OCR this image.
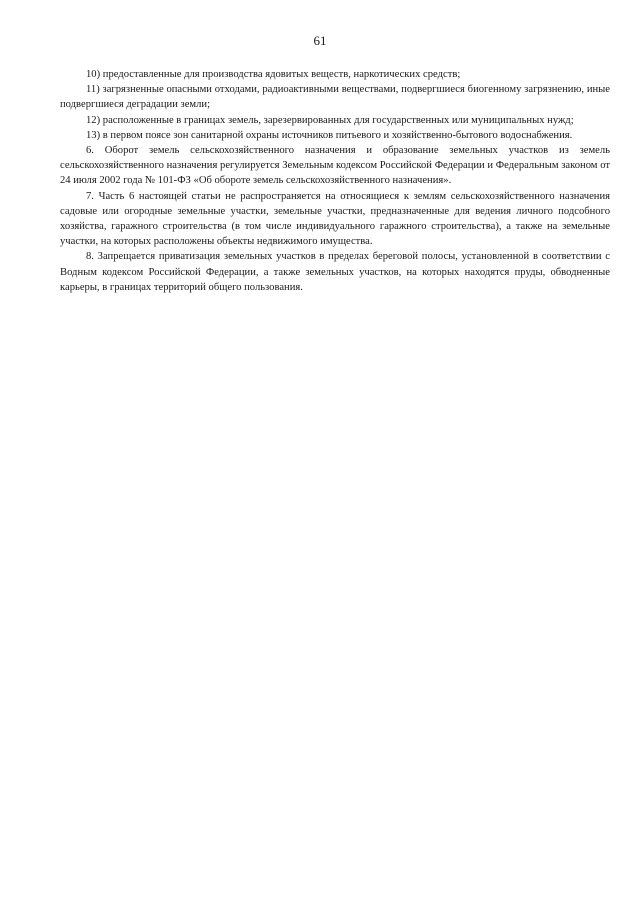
61

10) предоставленные для производства ядовитых веществ, наркотических средств;

11) загрязненные опасными отходами, радиоактивными веществами, подвергшиеся биогенному загрязнению, иные подвергшиеся деградации земли;

12) расположенные в границах земель, зарезервированных для государственных или муниципальных нужд;

13) в первом поясе зон санитарной охраны источников питьевого и хозяйственно-бытового водоснабжения.

6. Оборот земель сельскохозяйственного назначения и образование земельных участков из земель сельскохозяйственного назначения регулируется Земельным кодексом Российской Федерации и Федеральным законом от 24 июля 2002 года № 101-ФЗ «Об обороте земель сельскохозяйственного назначения».

7. Часть 6 настоящей статьи не распространяется на относящиеся к землям сельскохозяйственного назначения садовые или огородные земельные участки, земельные участки, предназначенные для ведения личного подсобного хозяйства, гаражного строительства (в том числе индивидуального гаражного строительства), а также на земельные участки, на которых расположены объекты недвижимого имущества.

8. Запрещается приватизация земельных участков в пределах береговой полосы, установленной в соответствии с Водным кодексом Российской Федерации, а также земельных участков, на которых находятся пруды, обводненные карьеры, в границах территорий общего пользования.
